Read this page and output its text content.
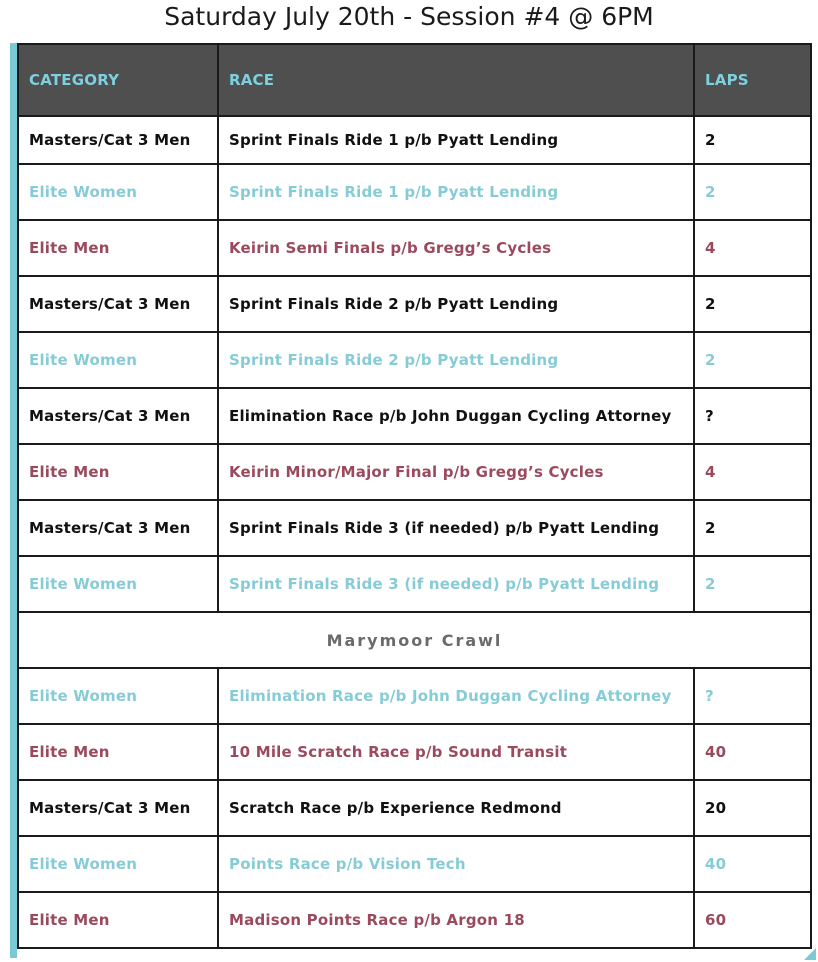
Saturday July 20th - Session #4 @ 6PM
CATEGORY	RACE	LAPS
Masters/Cat 3 Men	Sprint Finals Ride 1 p/b Pyatt Lending	2
Elite Women	Sprint Finals Ride 1 p/b Pyatt Lending	2
Elite Men	Keirin Semi Finals p/b Gregg’s Cycles	4
Masters/Cat 3 Men	Sprint Finals Ride 2 p/b Pyatt Lending	2
Elite Women	Sprint Finals Ride 2 p/b Pyatt Lending	2
Masters/Cat 3 Men	Elimination Race p/b John Duggan Cycling Attorney	?
Elite Men	Keirin Minor/Major Final p/b Gregg’s Cycles	4
Masters/Cat 3 Men	Sprint Finals Ride 3 (if needed) p/b Pyatt Lending	2
Elite Women	Sprint Finals Ride 3 (if needed) p/b Pyatt Lending	2
Marymoor Crawl		
Elite Women	Elimination Race p/b John Duggan Cycling Attorney	?
Elite Men	10 Mile Scratch Race p/b Sound Transit	40
Masters/Cat 3 Men	Scratch Race p/b Experience Redmond	20
Elite Women	Points Race p/b Vision Tech	40
Elite Men	Madison Points Race p/b Argon 18	60
